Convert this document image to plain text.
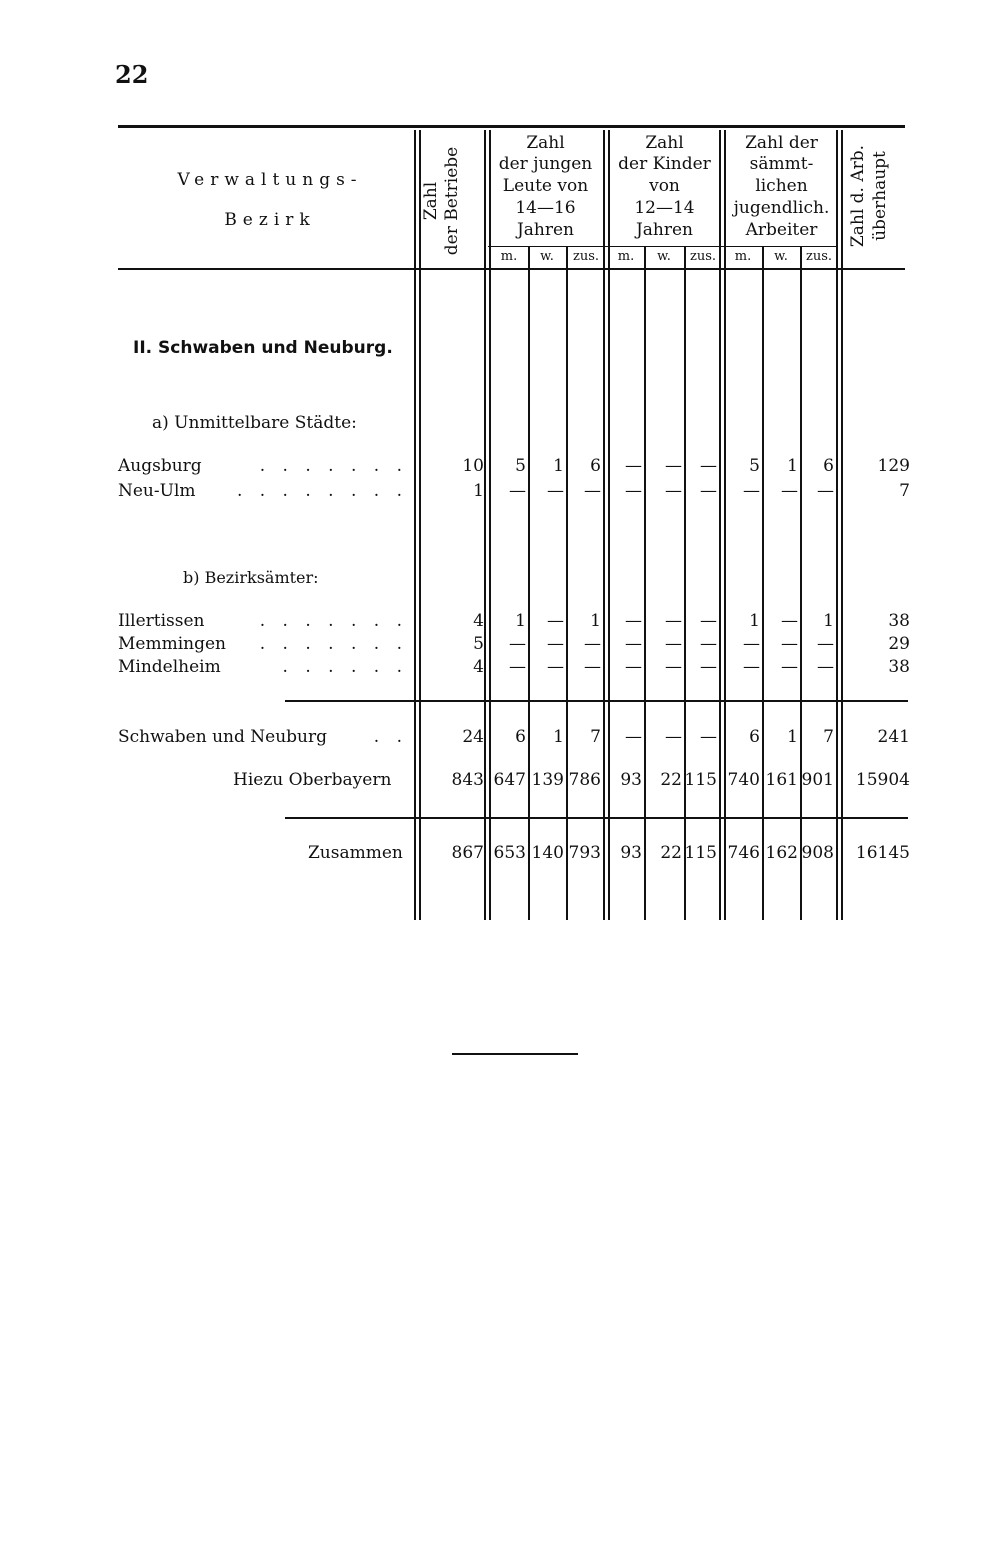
22
Verwaltungs-
Bezirk	Zahl der Betriebe
Zahl
der jungen
Leute von
14—16
Jahren
Zahl
der Kinder
von
12—14
Jahren
Zahl der
sämmt-
lichen
jugendlich.
Arbeiter	Zahl d. Arb. überhaupt
m.	w.	zus.	m.	w.	zus.	m.	w.	zus.
II. Schwaben und Neuburg.
a) Unmittelbare Städte:
b) Bezirksämter:
Augsburg	. . . . . . .	10 5 1 6 — — — 5 1 6	129
Neu-Ulm . . . . . . . .	1 — — — — — — — — —	7
Illertissen	. . . . . . .	4 1 — 1 — — — 1 — 1	38
Memmingen . . . . . . .	5 — — — — — — — — —	29
Mindelheim	. . . . . .	4 — — — — — — — — —	38
Schwaben und Neuburg	. .	24 6 1 7 — — — 6 1 7	241
Hiezu Oberbayern	843 647 139 786 93 22 115 740 161 901 15904
Zusammen	867 653 140 793 93 22 115 746 162 908 16145
